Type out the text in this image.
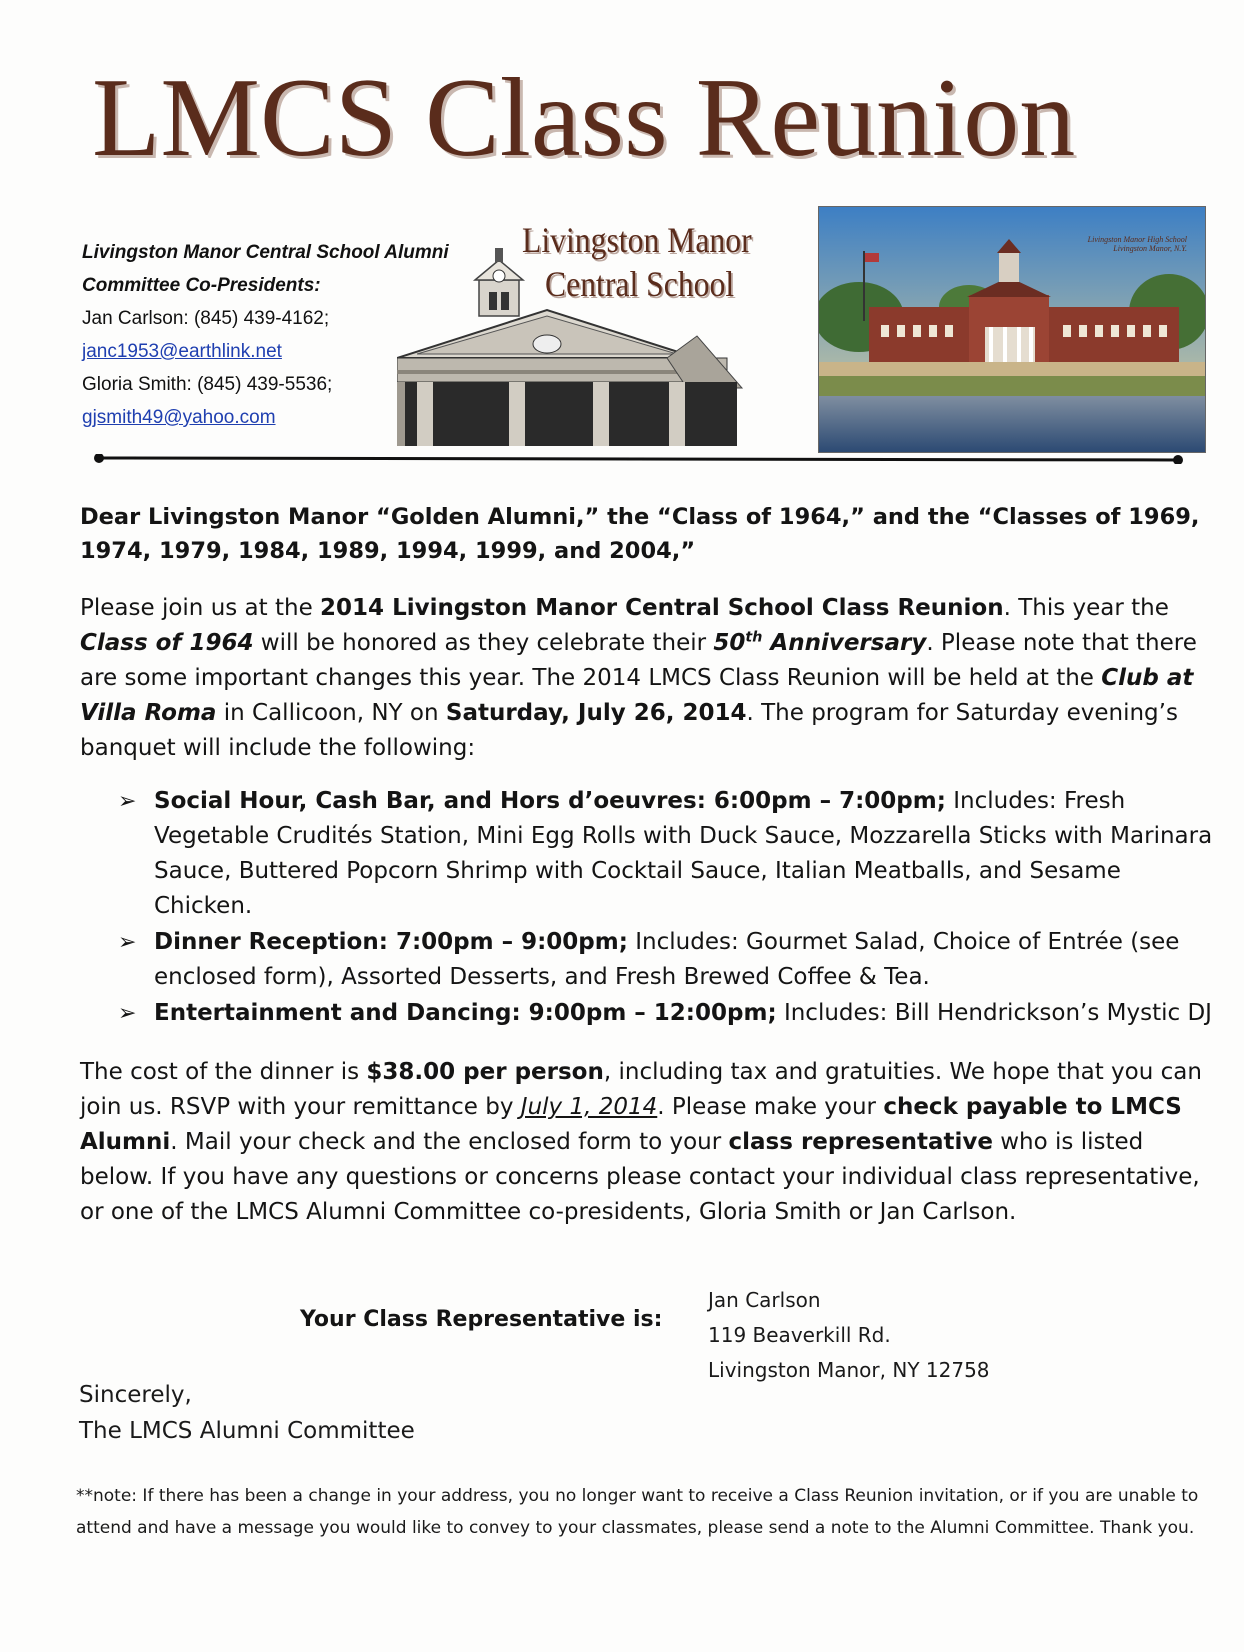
LMCS Class Reunion
Livingston Manor Central School Alumni
Committee Co-Presidents:
Jan Carlson: (845) 439-4162;
janc1953@earthlink.net
Gloria Smith: (845) 439-5536;
gjsmith49@yahoo.com
Livingston Manor
Central School
Livingston Manor High School
Livingston Manor, N.Y.
Dear Livingston Manor “Golden Alumni,” the “Class of 1964,” and the “Classes of 1969, 1974, 1979, 1984, 1989, 1994, 1999, and 2004,”
Please join us at the 2014 Livingston Manor Central School Class Reunion. This year the Class of 1964 will be honored as they celebrate their 50th Anniversary. Please note that there are some important changes this year. The 2014 LMCS Class Reunion will be held at the Club at Villa Roma in Callicoon, NY on Saturday, July 26, 2014. The program for Saturday evening’s banquet will include the following:
➢ Social Hour, Cash Bar, and Hors d’oeuvres: 6:00pm – 7:00pm; Includes: Fresh Vegetable Crudités Station, Mini Egg Rolls with Duck Sauce, Mozzarella Sticks with Marinara Sauce, Buttered Popcorn Shrimp with Cocktail Sauce, Italian Meatballs, and Sesame Chicken.
➢ Dinner Reception: 7:00pm – 9:00pm; Includes: Gourmet Salad, Choice of Entrée (see enclosed form), Assorted Desserts, and Fresh Brewed Coffee & Tea.
➢ Entertainment and Dancing: 9:00pm – 12:00pm; Includes: Bill Hendrickson’s Mystic DJ
The cost of the dinner is $38.00 per person, including tax and gratuities. We hope that you can join us. RSVP with your remittance by July 1, 2014. Please make your check payable to LMCS Alumni. Mail your check and the enclosed form to your class representative who is listed below. If you have any questions or concerns please contact your individual class representative, or one of the LMCS Alumni Committee co-presidents, Gloria Smith or Jan Carlson.
Your Class Representative is:
Jan Carlson
119 Beaverkill Rd.
Livingston Manor, NY 12758
Sincerely,
The LMCS Alumni Committee
**note: If there has been a change in your address, you no longer want to receive a Class Reunion invitation, or if you are unable to attend and have a message you would like to convey to your classmates, please send a note to the Alumni Committee. Thank you.
